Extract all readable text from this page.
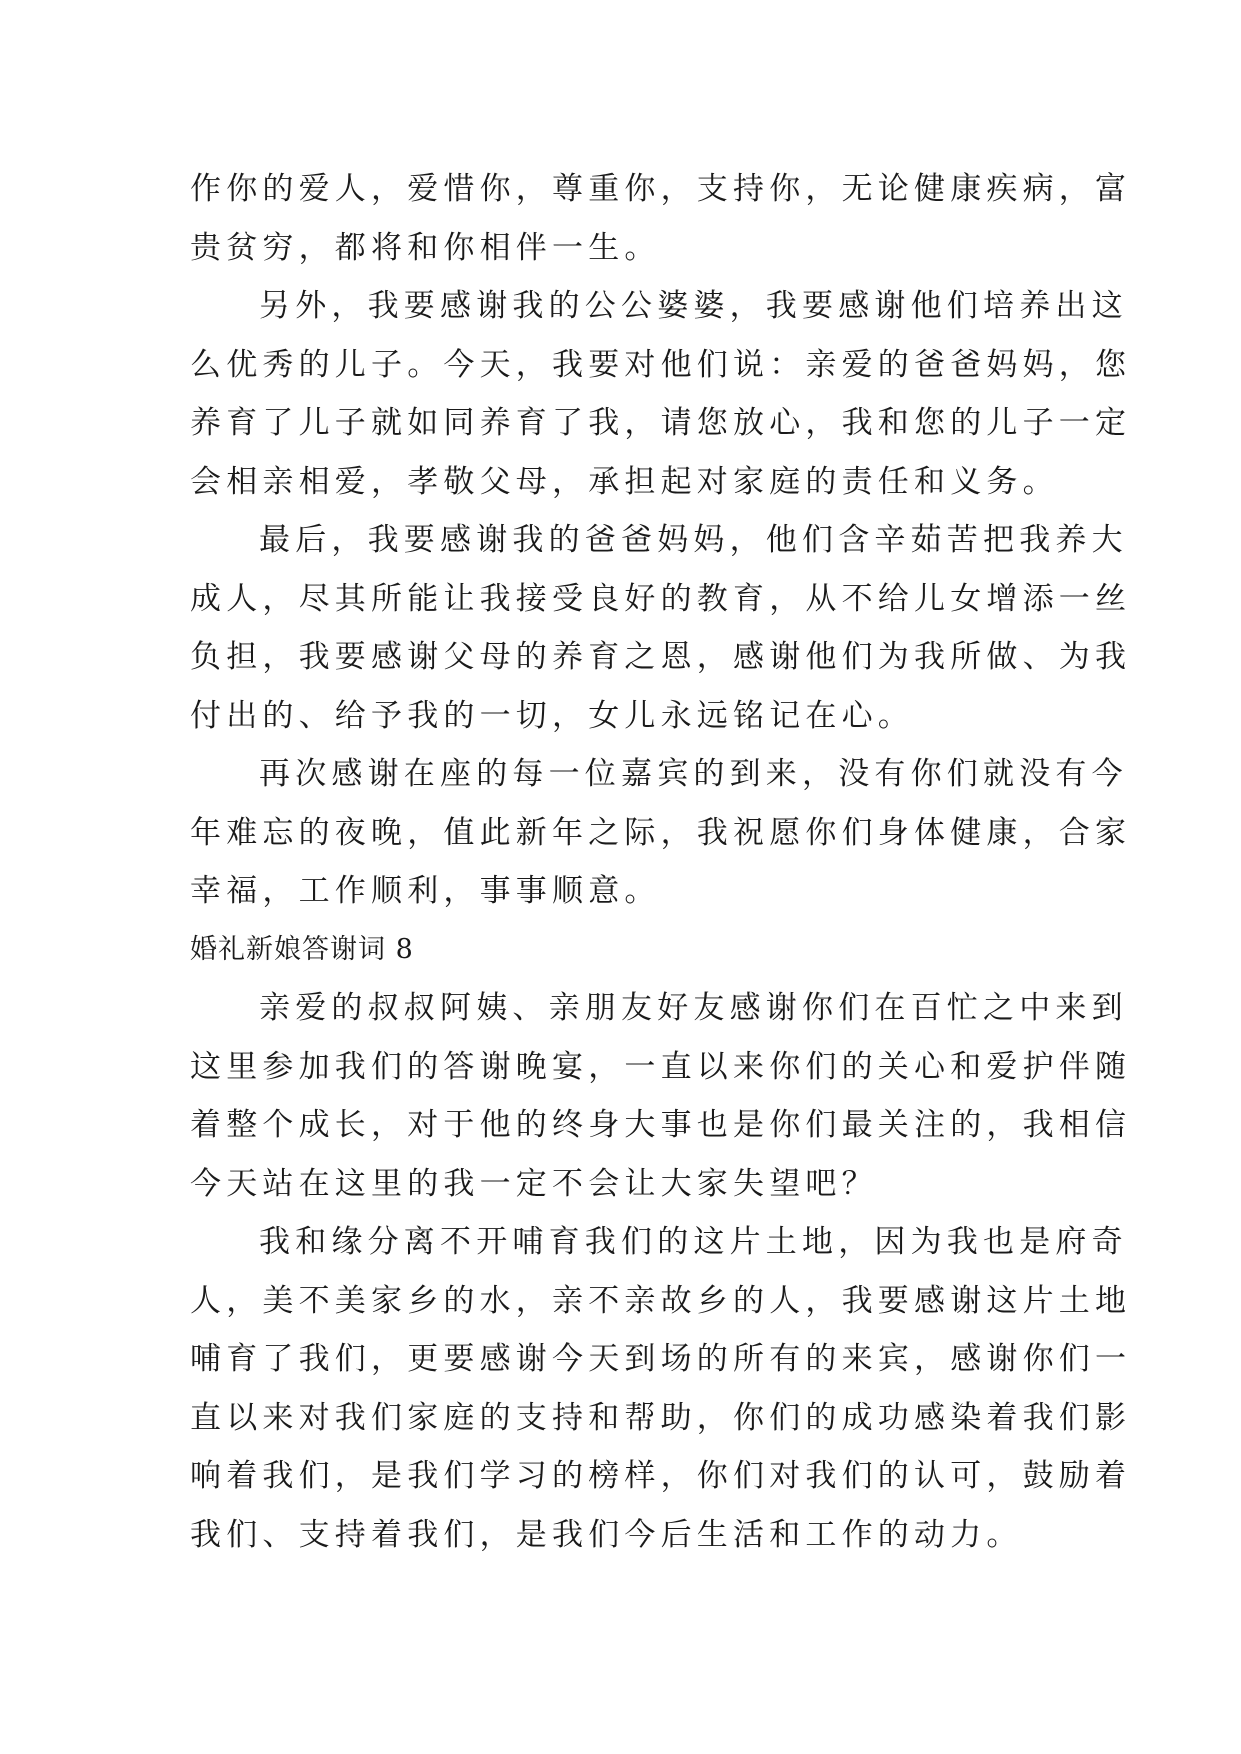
作你的爱人，爱惜你，尊重你，支持你，无论健康疾病，富

贵贫穷，都将和你相伴一生。

另外，我要感谢我的公公婆婆，我要感谢他们培养出这

么优秀的儿子。今天，我要对他们说：亲爱的爸爸妈妈，您

养育了儿子就如同养育了我，请您放心，我和您的儿子一定

会相亲相爱，孝敬父母，承担起对家庭的责任和义务。

最后，我要感谢我的爸爸妈妈，他们含辛茹苦把我养大

成人，尽其所能让我接受良好的教育，从不给儿女增添一丝

负担，我要感谢父母的养育之恩，感谢他们为我所做、为我

付出的、给予我的一切，女儿永远铭记在心。

再次感谢在座的每一位嘉宾的到来，没有你们就没有今

年难忘的夜晚，值此新年之际，我祝愿你们身体健康，合家

幸福，工作顺利，事事顺意。

婚礼新娘答谢词 8

亲爱的叔叔阿姨、亲朋友好友感谢你们在百忙之中来到

这里参加我们的答谢晚宴，一直以来你们的关心和爱护伴随

着整个成长，对于他的终身大事也是你们最关注的，我相信

今天站在这里的我一定不会让大家失望吧？

我和缘分离不开哺育我们的这片土地，因为我也是府奇

人，美不美家乡的水，亲不亲故乡的人，我要感谢这片土地

哺育了我们，更要感谢今天到场的所有的来宾，感谢你们一

直以来对我们家庭的支持和帮助，你们的成功感染着我们影

响着我们，是我们学习的榜样，你们对我们的认可，鼓励着

我们、支持着我们，是我们今后生活和工作的动力。
